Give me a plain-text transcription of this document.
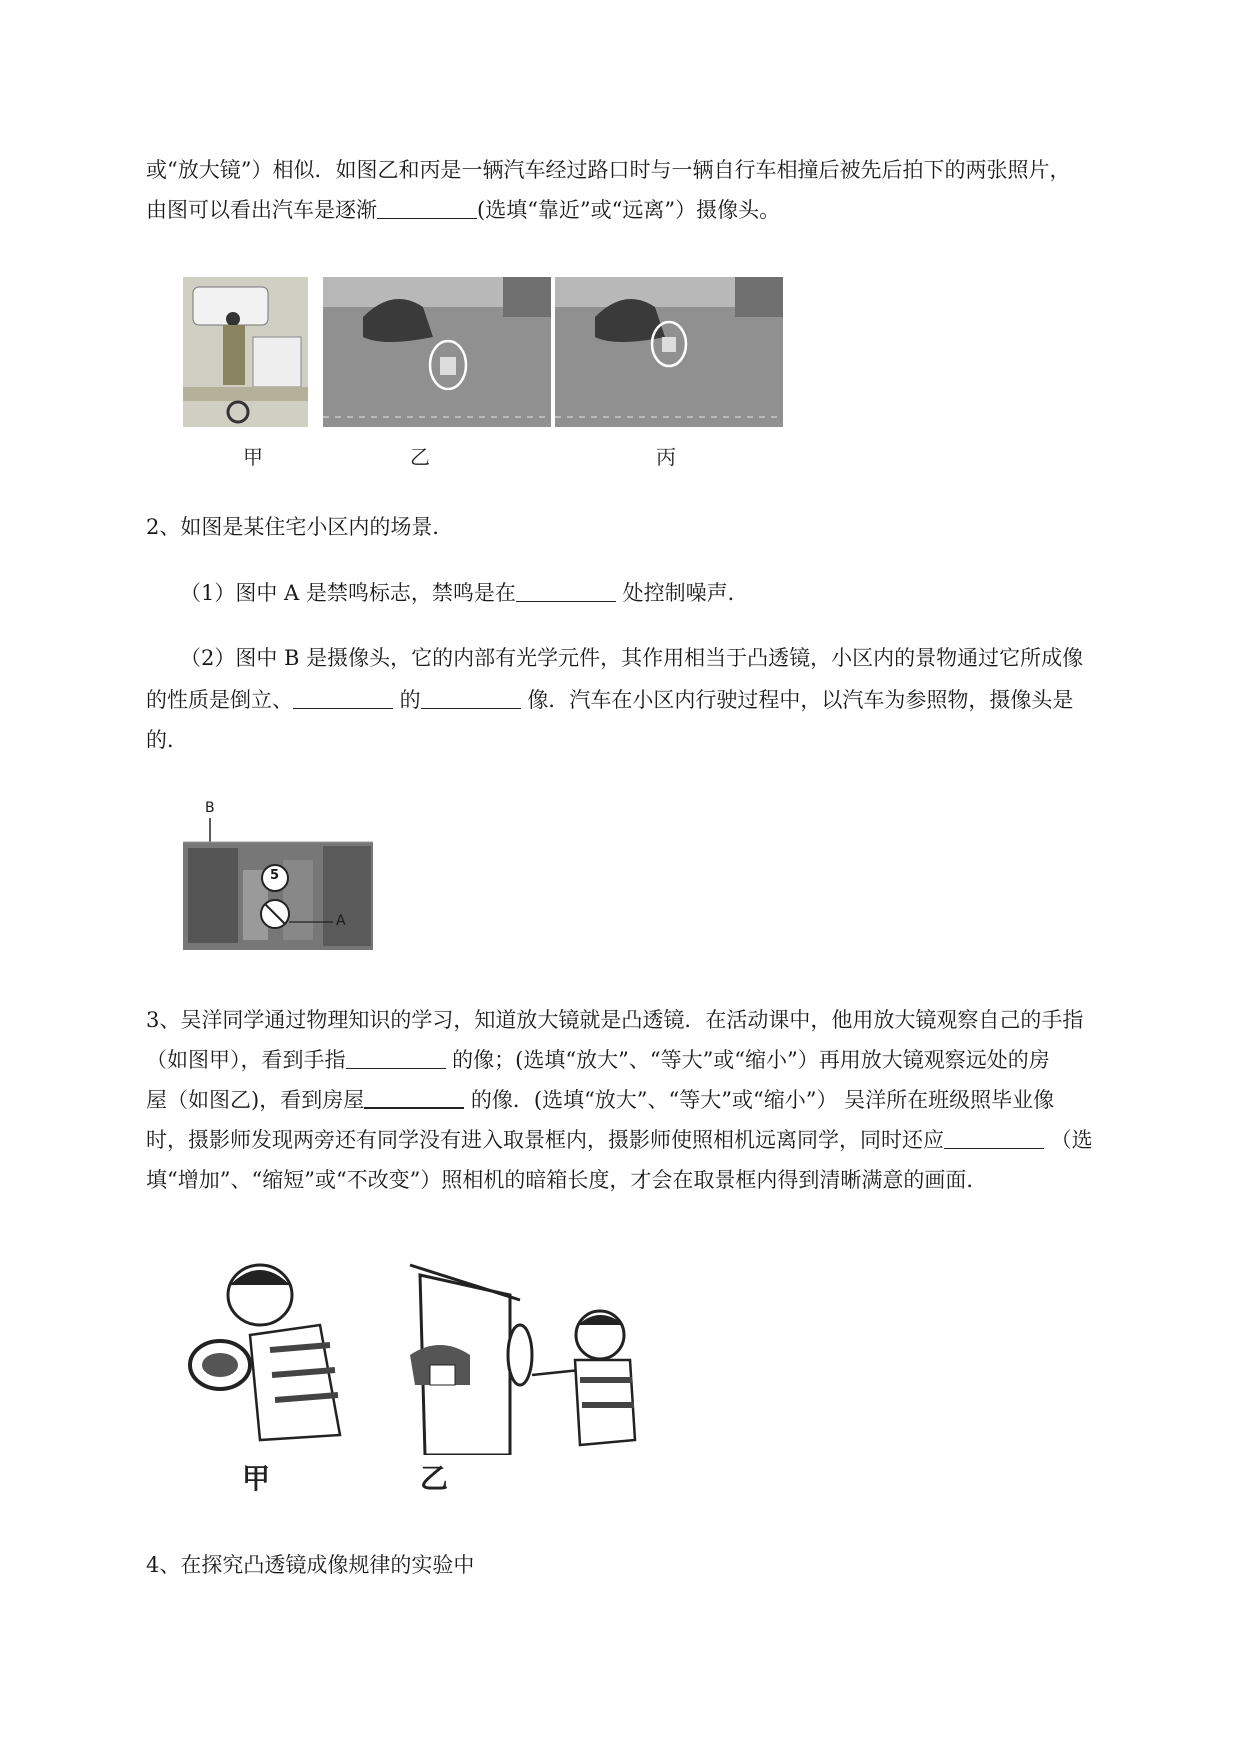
或“放大镜”）相似．如图乙和丙是一辆汽车经过路口时与一辆自行车相撞后被先后拍下的两张照片，

由图可以看出汽车是逐渐	(选填“靠近”或“远离”）摄像头。

甲	乙	丙

2、如图是某住宅小区内的场景．

（1）图中 A 是禁鸣标志，禁鸣是在	处控制噪声．

（2）图中 B 是摄像头，它的内部有光学元件，其作用相当于凸透镜，小区内的景物通过它所成像

的性质是倒立、	的	像．汽车在小区内行驶过程中，以汽车为参照物，摄像头是

的．

B
5
A

3、吴洋同学通过物理知识的学习，知道放大镜就是凸透镜．在活动课中，他用放大镜观察自己的手指

（如图甲），看到手指	的像；(选填“放大”、“等大”或“缩小”）再用放大镜观察远处的房

屋（如图乙)，看到房屋	的像．(选填“放大”、“等大”或“缩小”） 吴洋所在班级照毕业像

时，摄影师发现两旁还有同学没有进入取景框内，摄影师使照相机远离同学，同时还应	（选

填“增加”、“缩短”或“不改变”）照相机的暗箱长度，才会在取景框内得到清晰满意的画面．

甲	乙

4、在探究凸透镜成像规律的实验中
